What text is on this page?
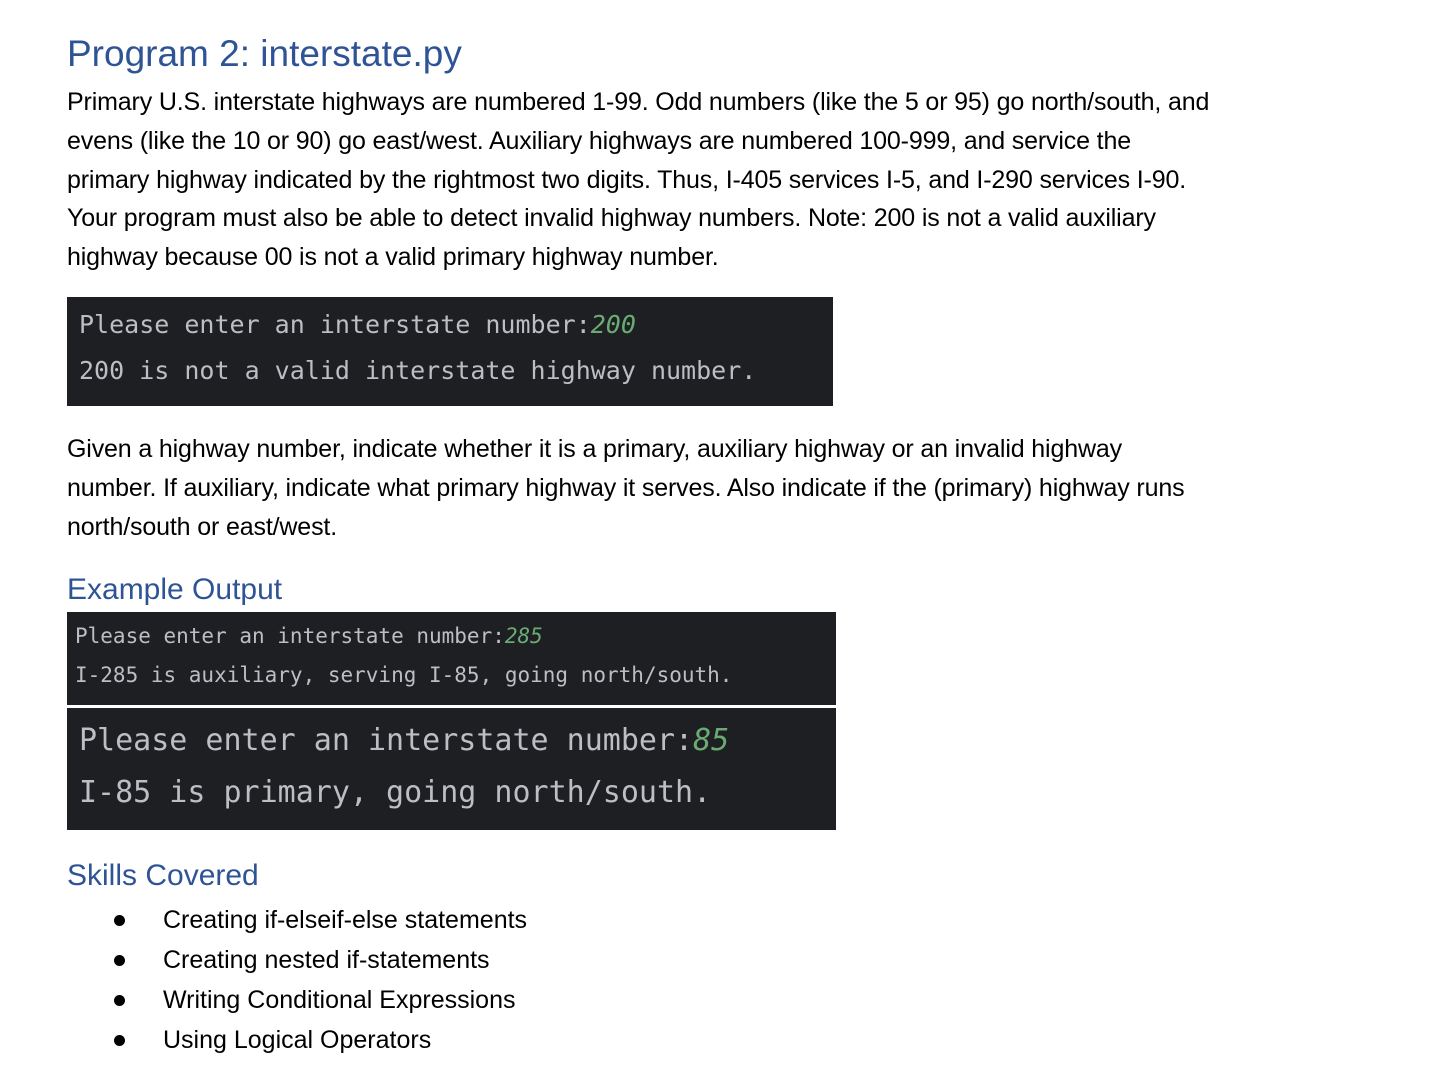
Program 2: interstate.py

Primary U.S. interstate highways are numbered 1-99. Odd numbers (like the 5 or 95) go north/south, and
evens (like the 10 or 90) go east/west. Auxiliary highways are numbered 100-999, and service the
primary highway indicated by the rightmost two digits. Thus, I-405 services I-5, and I-290 services I-90.
Your program must also be able to detect invalid highway numbers. Note: 200 is not a valid auxiliary
highway because 00 is not a valid primary highway number.

Please enter an interstate number:200
200 is not a valid interstate highway number.

Given a highway number, indicate whether it is a primary, auxiliary highway or an invalid highway
number. If auxiliary, indicate what primary highway it serves. Also indicate if the (primary) highway runs
north/south or east/west.

Example Output
Please enter an interstate number:285
I-285 is auxiliary, serving I-85, going north/south.
Please enter an interstate number:85
I-85 is primary, going north/south.
Skills Covered
Creating if-elseif-else statements
Creating nested if-statements
Writing Conditional Expressions
Using Logical Operators
